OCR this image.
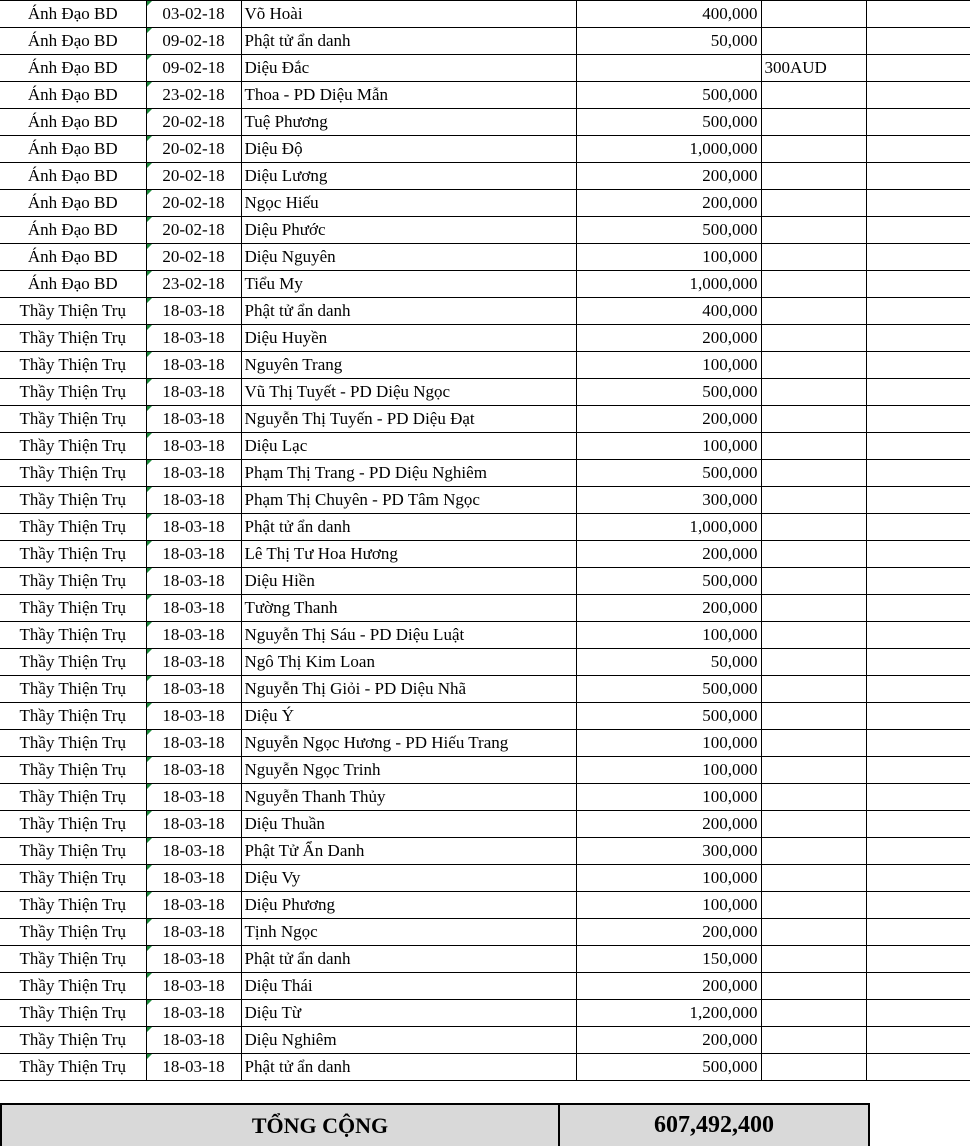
Ánh Đạo BD	03-02-18	Võ Hoài	400,000		
Ánh Đạo BD	09-02-18	Phật tử ẩn danh	50,000		
Ánh Đạo BD	09-02-18	Diệu Đắc		300AUD	
Ánh Đạo BD	23-02-18	Thoa - PD Diệu Mẫn	500,000		
Ánh Đạo BD	20-02-18	Tuệ Phương	500,000		
Ánh Đạo BD	20-02-18	Diệu Độ	1,000,000		
Ánh Đạo BD	20-02-18	Diệu Lương	200,000		
Ánh Đạo BD	20-02-18	Ngọc Hiếu	200,000		
Ánh Đạo BD	20-02-18	Diệu Phước	500,000		
Ánh Đạo BD	20-02-18	Diệu Nguyên	100,000		
Ánh Đạo BD	23-02-18	Tiểu My	1,000,000		
Thầy Thiện Trụ	18-03-18	Phật tử ẩn danh	400,000		
Thầy Thiện Trụ	18-03-18	Diệu Huyền	200,000		
Thầy Thiện Trụ	18-03-18	Nguyên Trang	100,000		
Thầy Thiện Trụ	18-03-18	Vũ Thị Tuyết - PD Diệu Ngọc	500,000		
Thầy Thiện Trụ	18-03-18	Nguyễn Thị Tuyến - PD Diệu Đạt	200,000		
Thầy Thiện Trụ	18-03-18	Diệu Lạc	100,000		
Thầy Thiện Trụ	18-03-18	Phạm Thị Trang - PD Diệu Nghiêm	500,000		
Thầy Thiện Trụ	18-03-18	Phạm Thị Chuyên - PD Tâm Ngọc	300,000		
Thầy Thiện Trụ	18-03-18	Phật tử ẩn danh	1,000,000		
Thầy Thiện Trụ	18-03-18	Lê Thị Tư Hoa Hương	200,000		
Thầy Thiện Trụ	18-03-18	Diệu Hiền	500,000		
Thầy Thiện Trụ	18-03-18	Tường Thanh	200,000		
Thầy Thiện Trụ	18-03-18	Nguyễn Thị Sáu - PD Diệu Luật	100,000		
Thầy Thiện Trụ	18-03-18	Ngô Thị Kim Loan	50,000		
Thầy Thiện Trụ	18-03-18	Nguyễn Thị Giỏi - PD Diệu Nhã	500,000		
Thầy Thiện Trụ	18-03-18	Diệu Ý	500,000		
Thầy Thiện Trụ	18-03-18	Nguyễn Ngọc Hương - PD Hiếu Trang	100,000		
Thầy Thiện Trụ	18-03-18	Nguyễn Ngọc Trinh	100,000		
Thầy Thiện Trụ	18-03-18	Nguyễn Thanh Thủy	100,000		
Thầy Thiện Trụ	18-03-18	Diệu Thuần	200,000		
Thầy Thiện Trụ	18-03-18	Phật Tử Ẩn Danh	300,000		
Thầy Thiện Trụ	18-03-18	Diệu Vy	100,000		
Thầy Thiện Trụ	18-03-18	Diệu Phương	100,000		
Thầy Thiện Trụ	18-03-18	Tịnh Ngọc	200,000		
Thầy Thiện Trụ	18-03-18	Phật tử ẩn danh	150,000		
Thầy Thiện Trụ	18-03-18	Diệu Thái	200,000		
Thầy Thiện Trụ	18-03-18	Diệu Từ	1,200,000		
Thầy Thiện Trụ	18-03-18	Diệu Nghiêm	200,000		
Thầy Thiện Trụ	18-03-18	Phật tử ẩn danh	500,000		
TỔNG CỘNG	607,492,400
